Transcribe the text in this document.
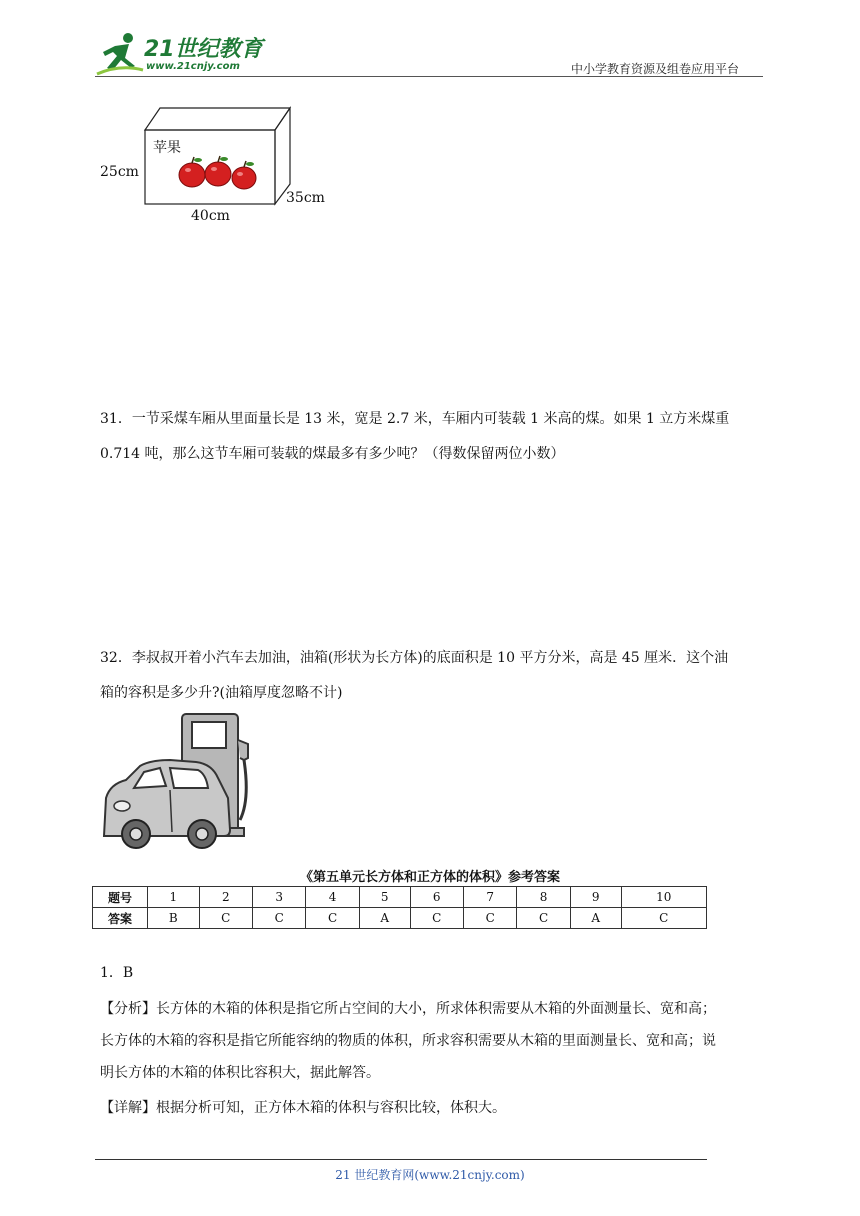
21世纪教育
www.21cnjy.com	中小学教育资源及组卷应用平台
苹果
25cm
40cm
35cm
31．一节采煤车厢从里面量长是 13 米，宽是 2.7 米，车厢内可装载 1 米高的煤。如果 1 立方米煤重
0.714 吨，那么这节车厢可装载的煤最多有多少吨？（得数保留两位小数）
32．李叔叔开着小汽车去加油，油箱(形状为长方体)的底面积是 10 平方分米，高是 45 厘米．这个油
箱的容积是多少升?(油箱厚度忽略不计)
《第五单元长方体和正方体的体积》参考答案
题号	1	2	3	4	5	6	7	8	9	10
答案	B	C	C	C	A	C	C	C	A	C
1．B
【分析】长方体的木箱的体积是指它所占空间的大小，所求体积需要从木箱的外面测量长、宽和高；
长方体的木箱的容积是指它所能容纳的物质的体积，所求容积需要从木箱的里面测量长、宽和高；说
明长方体的木箱的体积比容积大，据此解答。
【详解】根据分析可知，正方体木箱的体积与容积比较，体积大。
21 世纪教育网(www.21cnjy.com)
